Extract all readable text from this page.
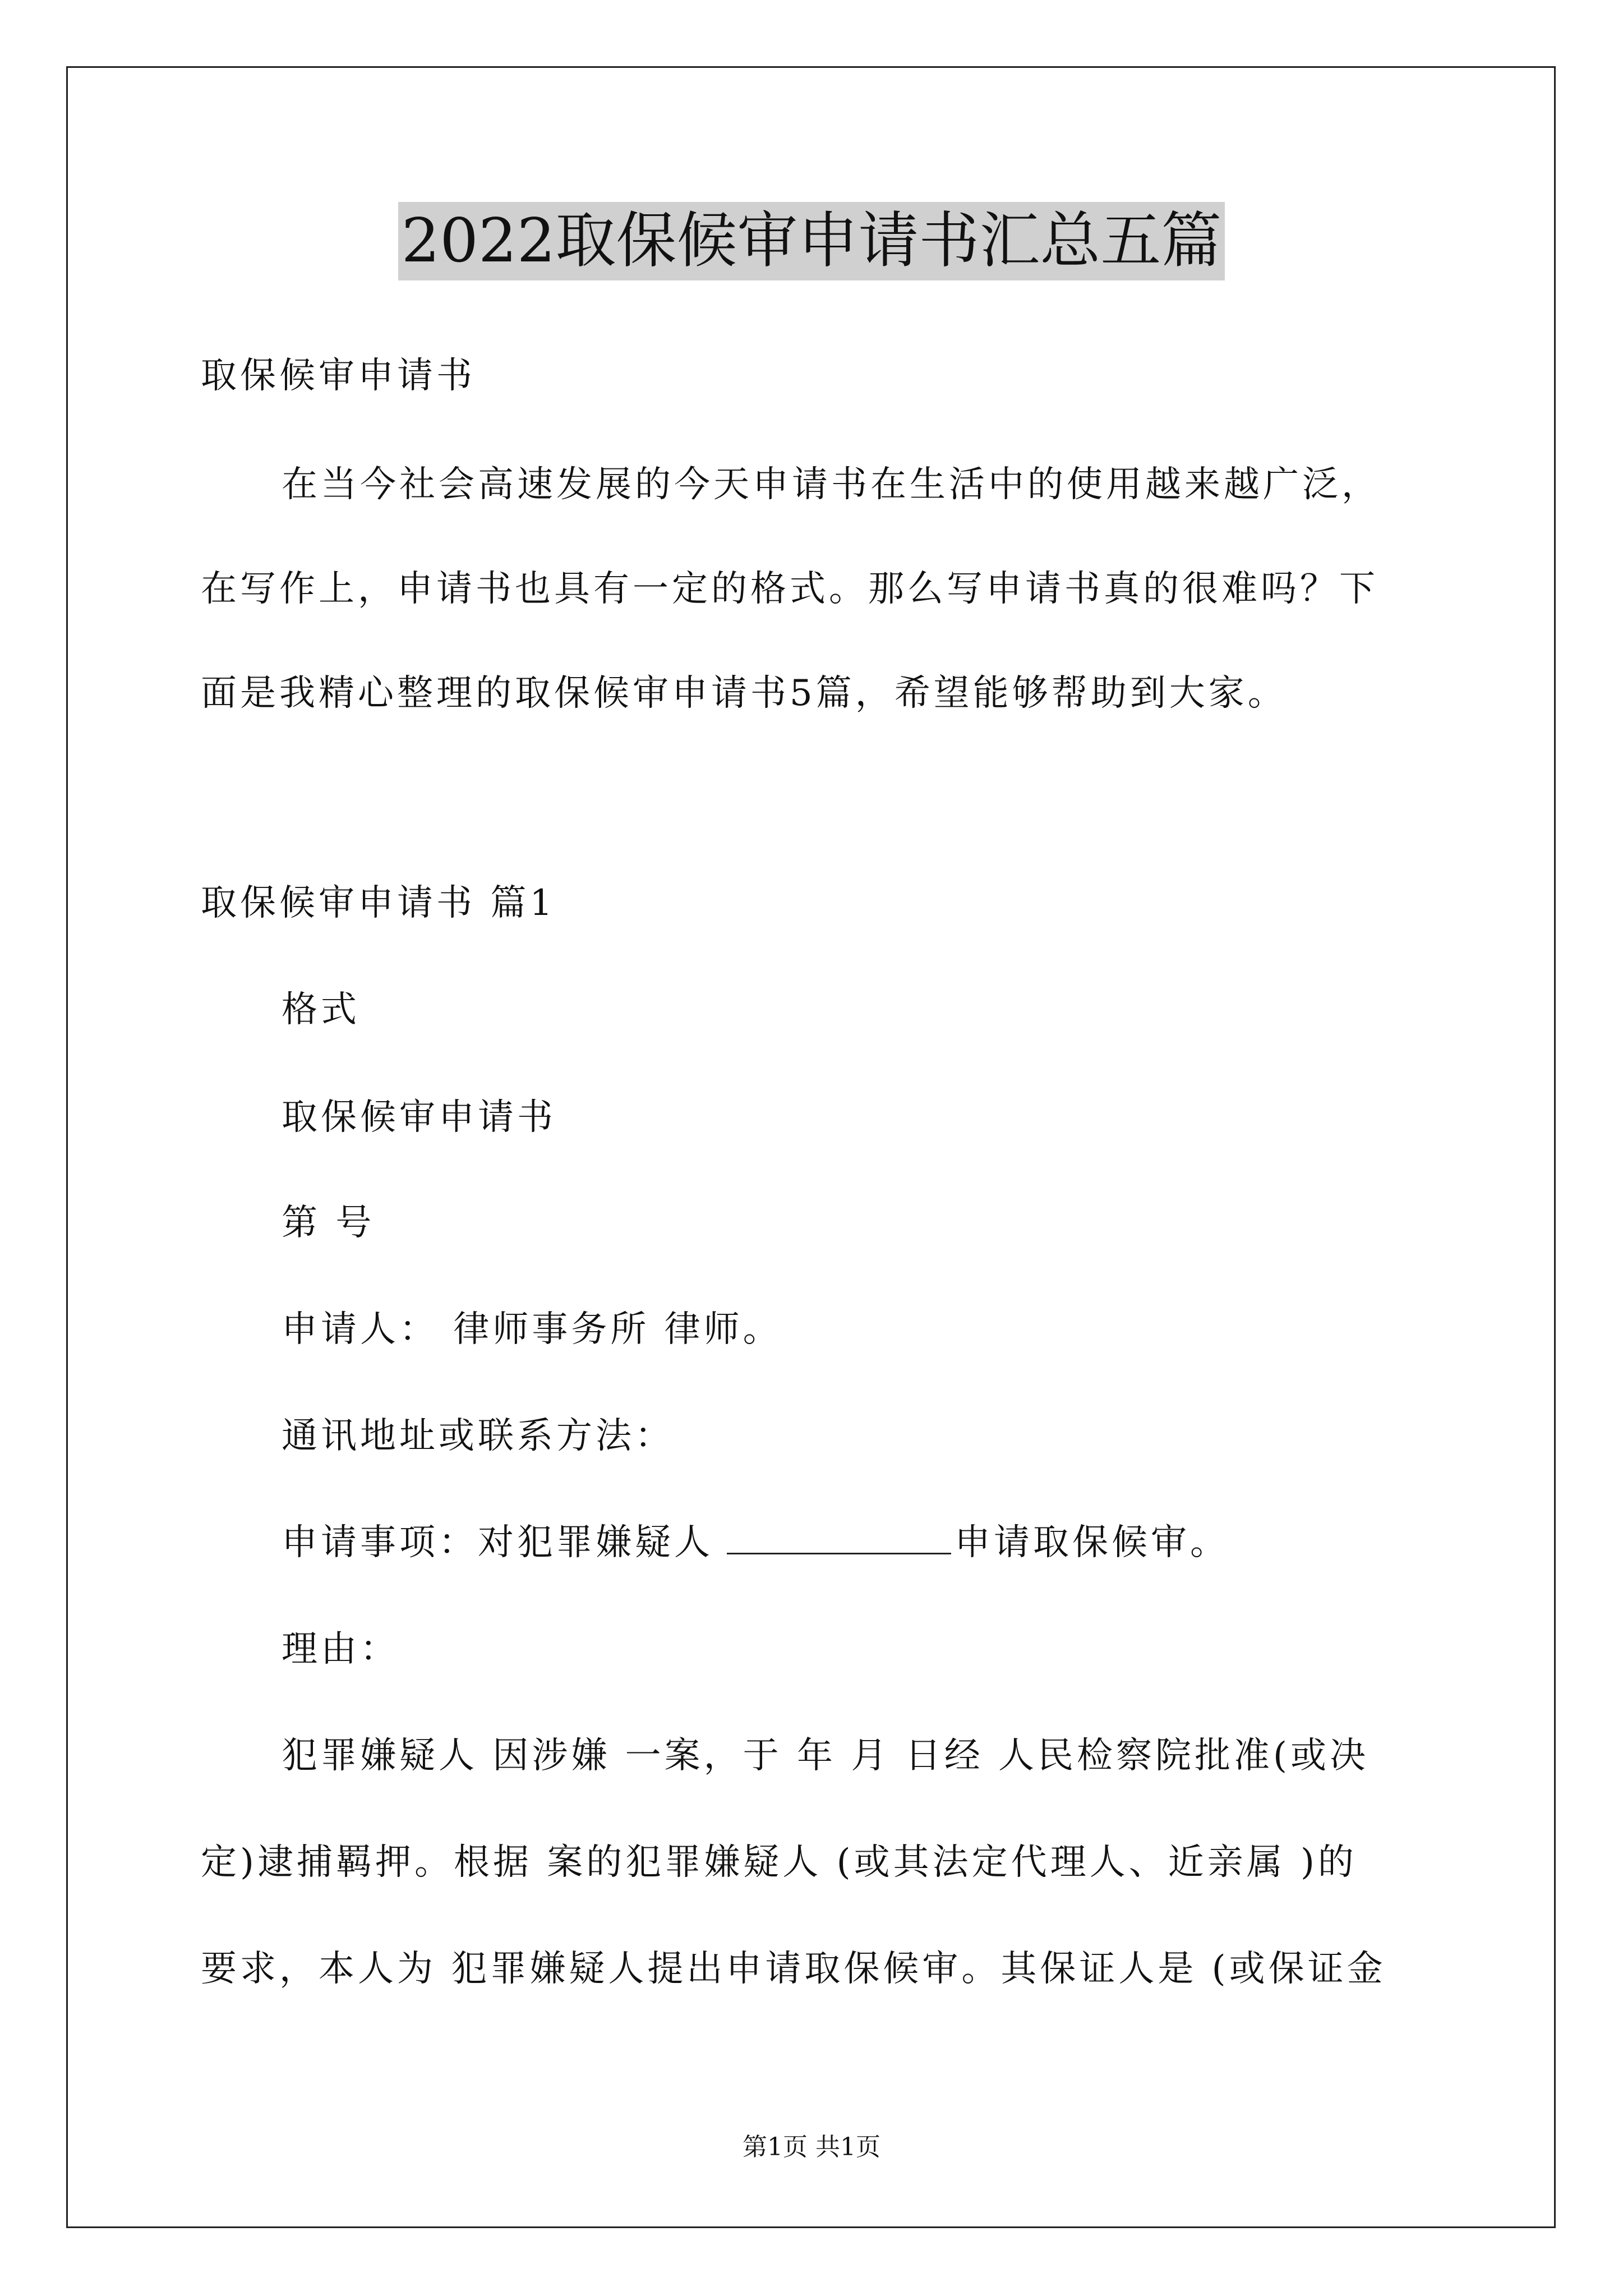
2022取保候审申请书汇总五篇
取保候审申请书
在当今社会高速发展的今天申请书在生活中的使用越来越广泛，
在写作上，申请书也具有一定的格式。那么写申请书真的很难吗？下
面是我精心整理的取保候审申请书5篇，希望能够帮助到大家。
取保候审申请书 篇1
格式
取保候审申请书
第 号
申请人： 律师事务所 律师。
通讯地址或联系方法：
申请事项：对犯罪嫌疑人	申请取保候审。
理由：
犯罪嫌疑人 因涉嫌 一案，于 年 月 日经 人民检察院批准(或决
定)逮捕羁押。根据 案的犯罪嫌疑人 (或其法定代理人、近亲属 )的
要求，本人为 犯罪嫌疑人提出申请取保候审。其保证人是 (或保证金
第1页 共1页
